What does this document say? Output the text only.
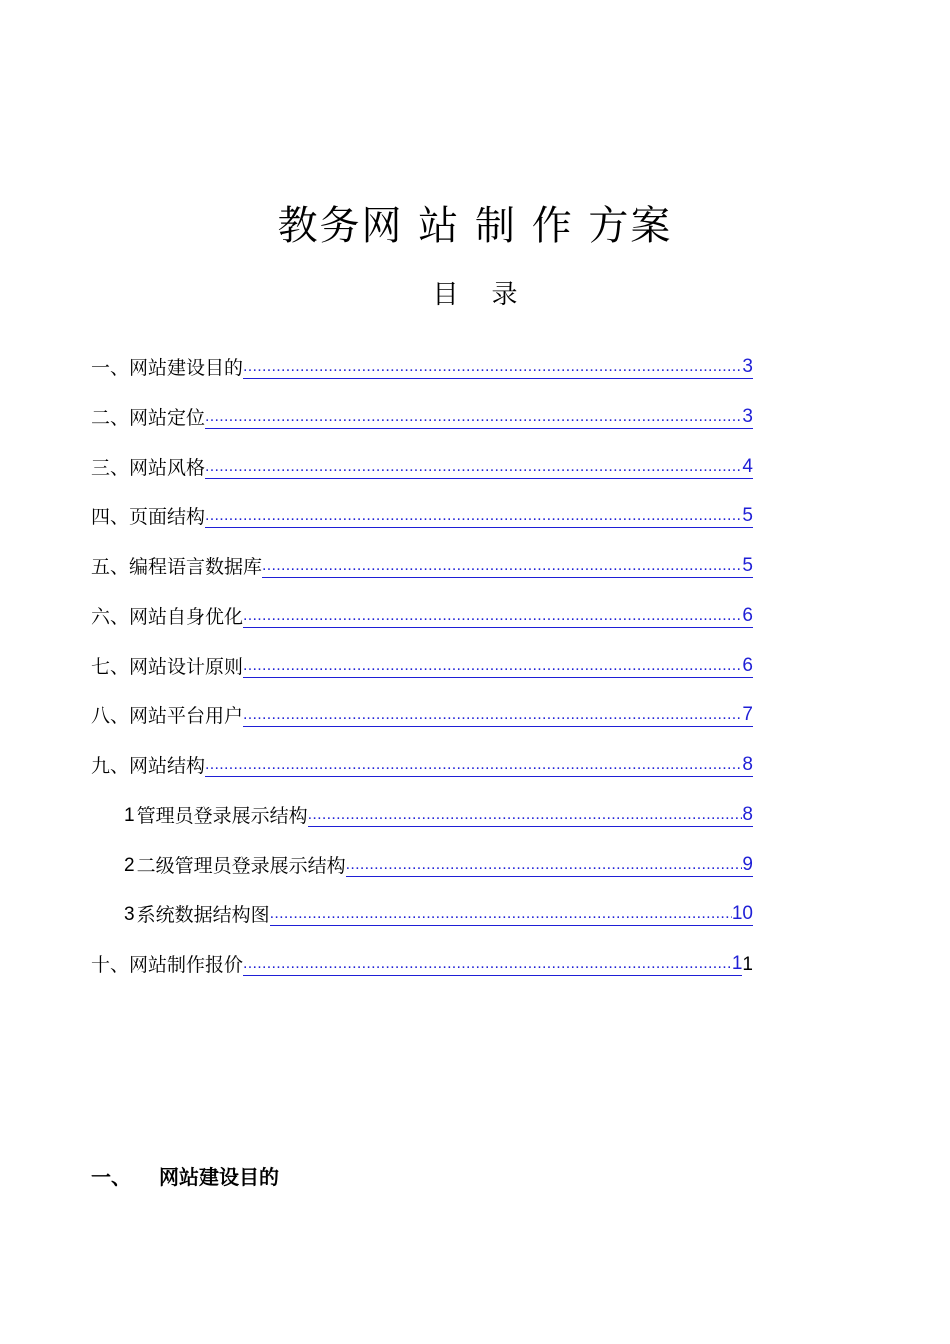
教务网 站 制 作 方案
目    录
一、网站建设目的 .....	3
二、网站定位 .....	3
三、网站风格 .....	4
四、页面结构 .....	5
五、编程语言数据库 .....	5
六、网站自身优化 .....	6
七、网站设计原则 .....	6
八、网站平台用户 .....	7
九、网站结构 .....	8
1 管理员登录展示结构 .....	8
2 二级管理员登录展示结构 .....	9
3 系统数据结构图 .....	10
十、网站制作报价 .....	1 1
一、 网站建设目的
